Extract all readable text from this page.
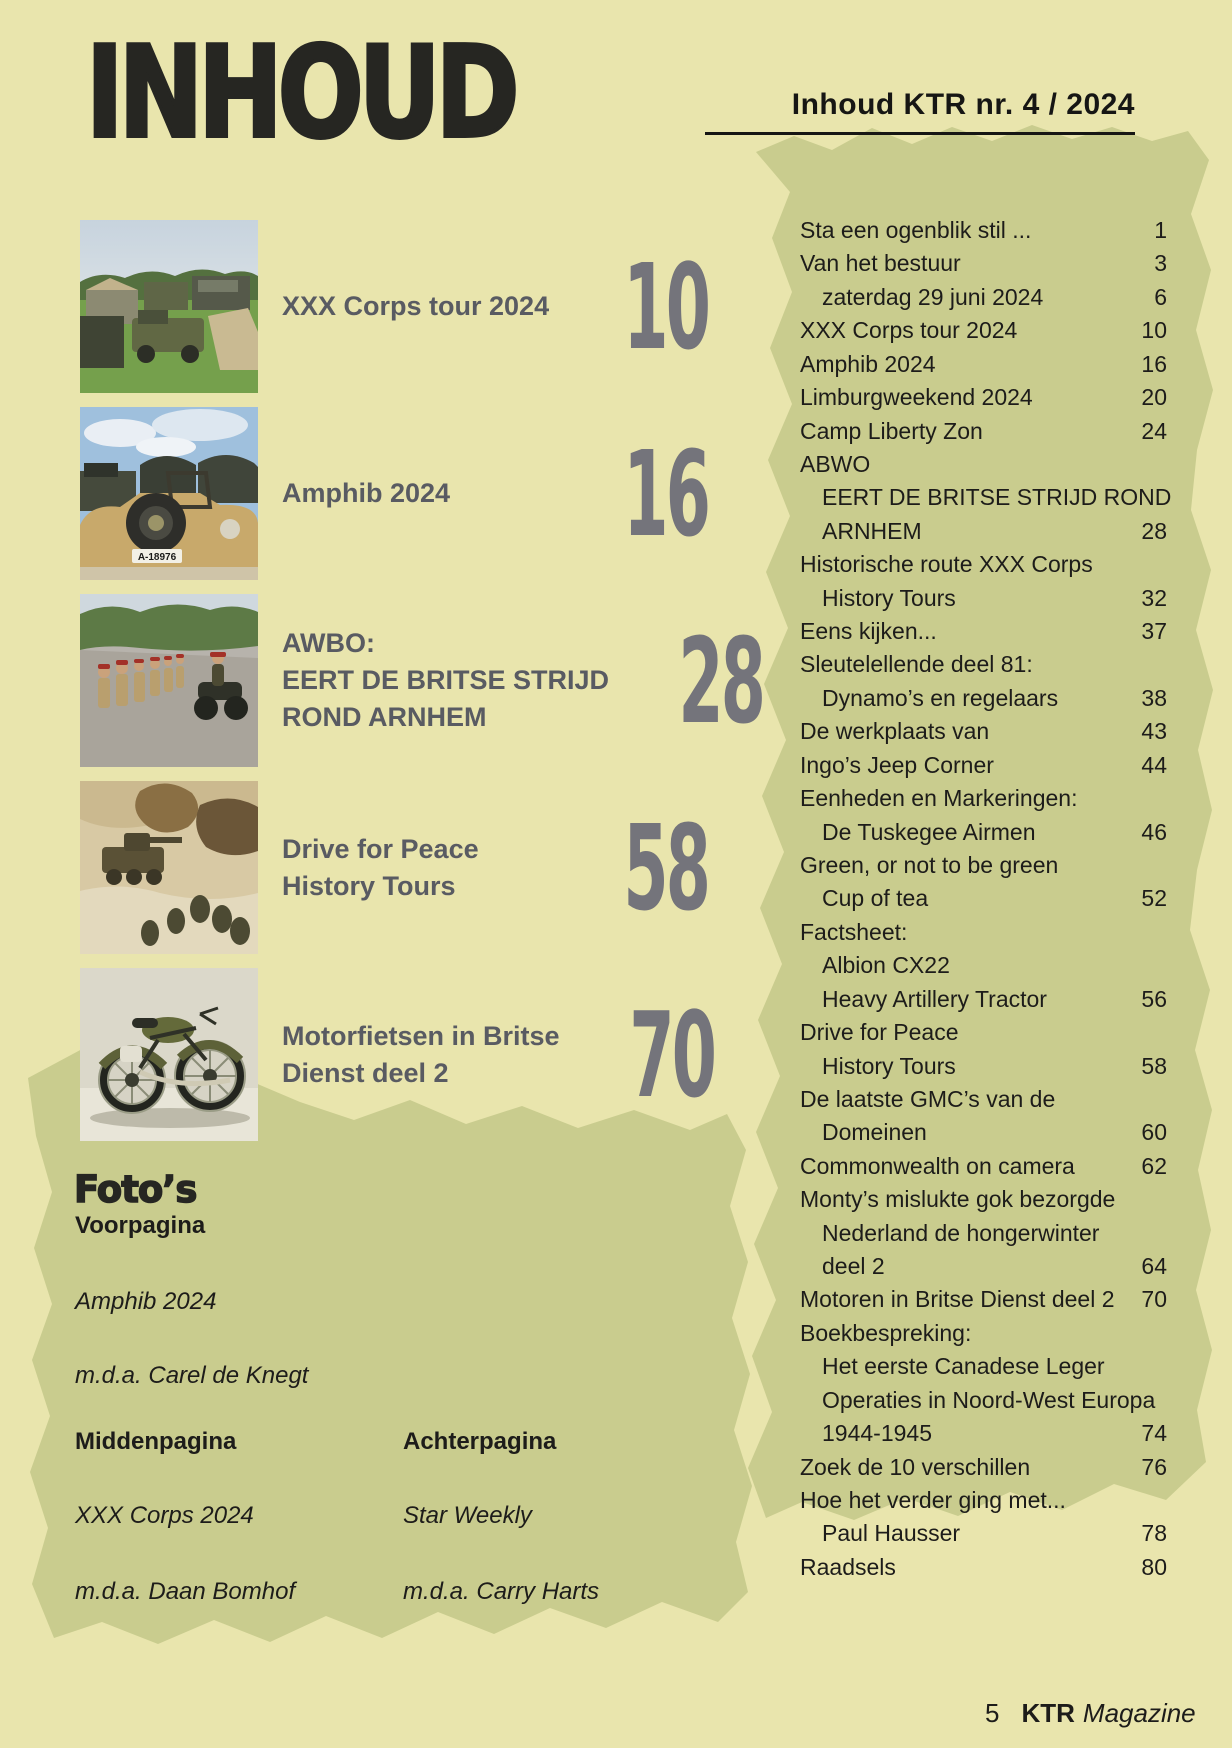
INHOUD	Inhoud KTR nr. 4 / 2024
XXX Corps tour 2024 10
A-18976
Amphib 2024	16
AWBO:
EERT DE BRITSE STRIJD
ROND ARNHEM	28
Drive for Peace
History Tours	58
Motorfietsen in Britse
Dienst deel 2	70
Sta een ogenblik stil ...	1
Van het bestuur	3
zaterdag 29 juni 2024	6
XXX Corps tour 2024	10
Amphib 2024	16
Limburgweekend 2024	20
Camp Liberty Zon	24
ABWO
EERT DE BRITSE STRIJD ROND
ARNHEM	28
Historische route XXX Corps
History Tours	32
Eens kijken...	37
Sleutelellende deel 81:
Dynamo’s en regelaars	38
De werkplaats van	43
Ingo’s Jeep Corner	44
Eenheden en Markeringen:
De Tuskegee Airmen	46
Green, or not to be green
Cup of tea	52
Factsheet:
Albion CX22
Heavy Artillery Tractor	56
Drive for Peace
History Tours	58
De laatste GMC’s van de
Domeinen	60
Commonwealth on camera	62
Monty’s mislukte gok bezorgde
Nederland de hongerwinter
deel 2	64
Motoren in Britse Dienst deel 2	70
Boekbespreking:
Het eerste Canadese Leger
Operaties in Noord-West Europa
1944-1945	74
Zoek de 10 verschillen	76
Hoe het verder ging met...
Paul Hausser	78
Raadsels	80
Foto’s
Voorpagina
Amphib 2024
m.d.a. Carel de Knegt
Middenpagina
XXX Corps 2024
m.d.a. Daan Bomhof
Achterpagina
Star Weekly
m.d.a. Carry Harts
5 KTR Magazine
